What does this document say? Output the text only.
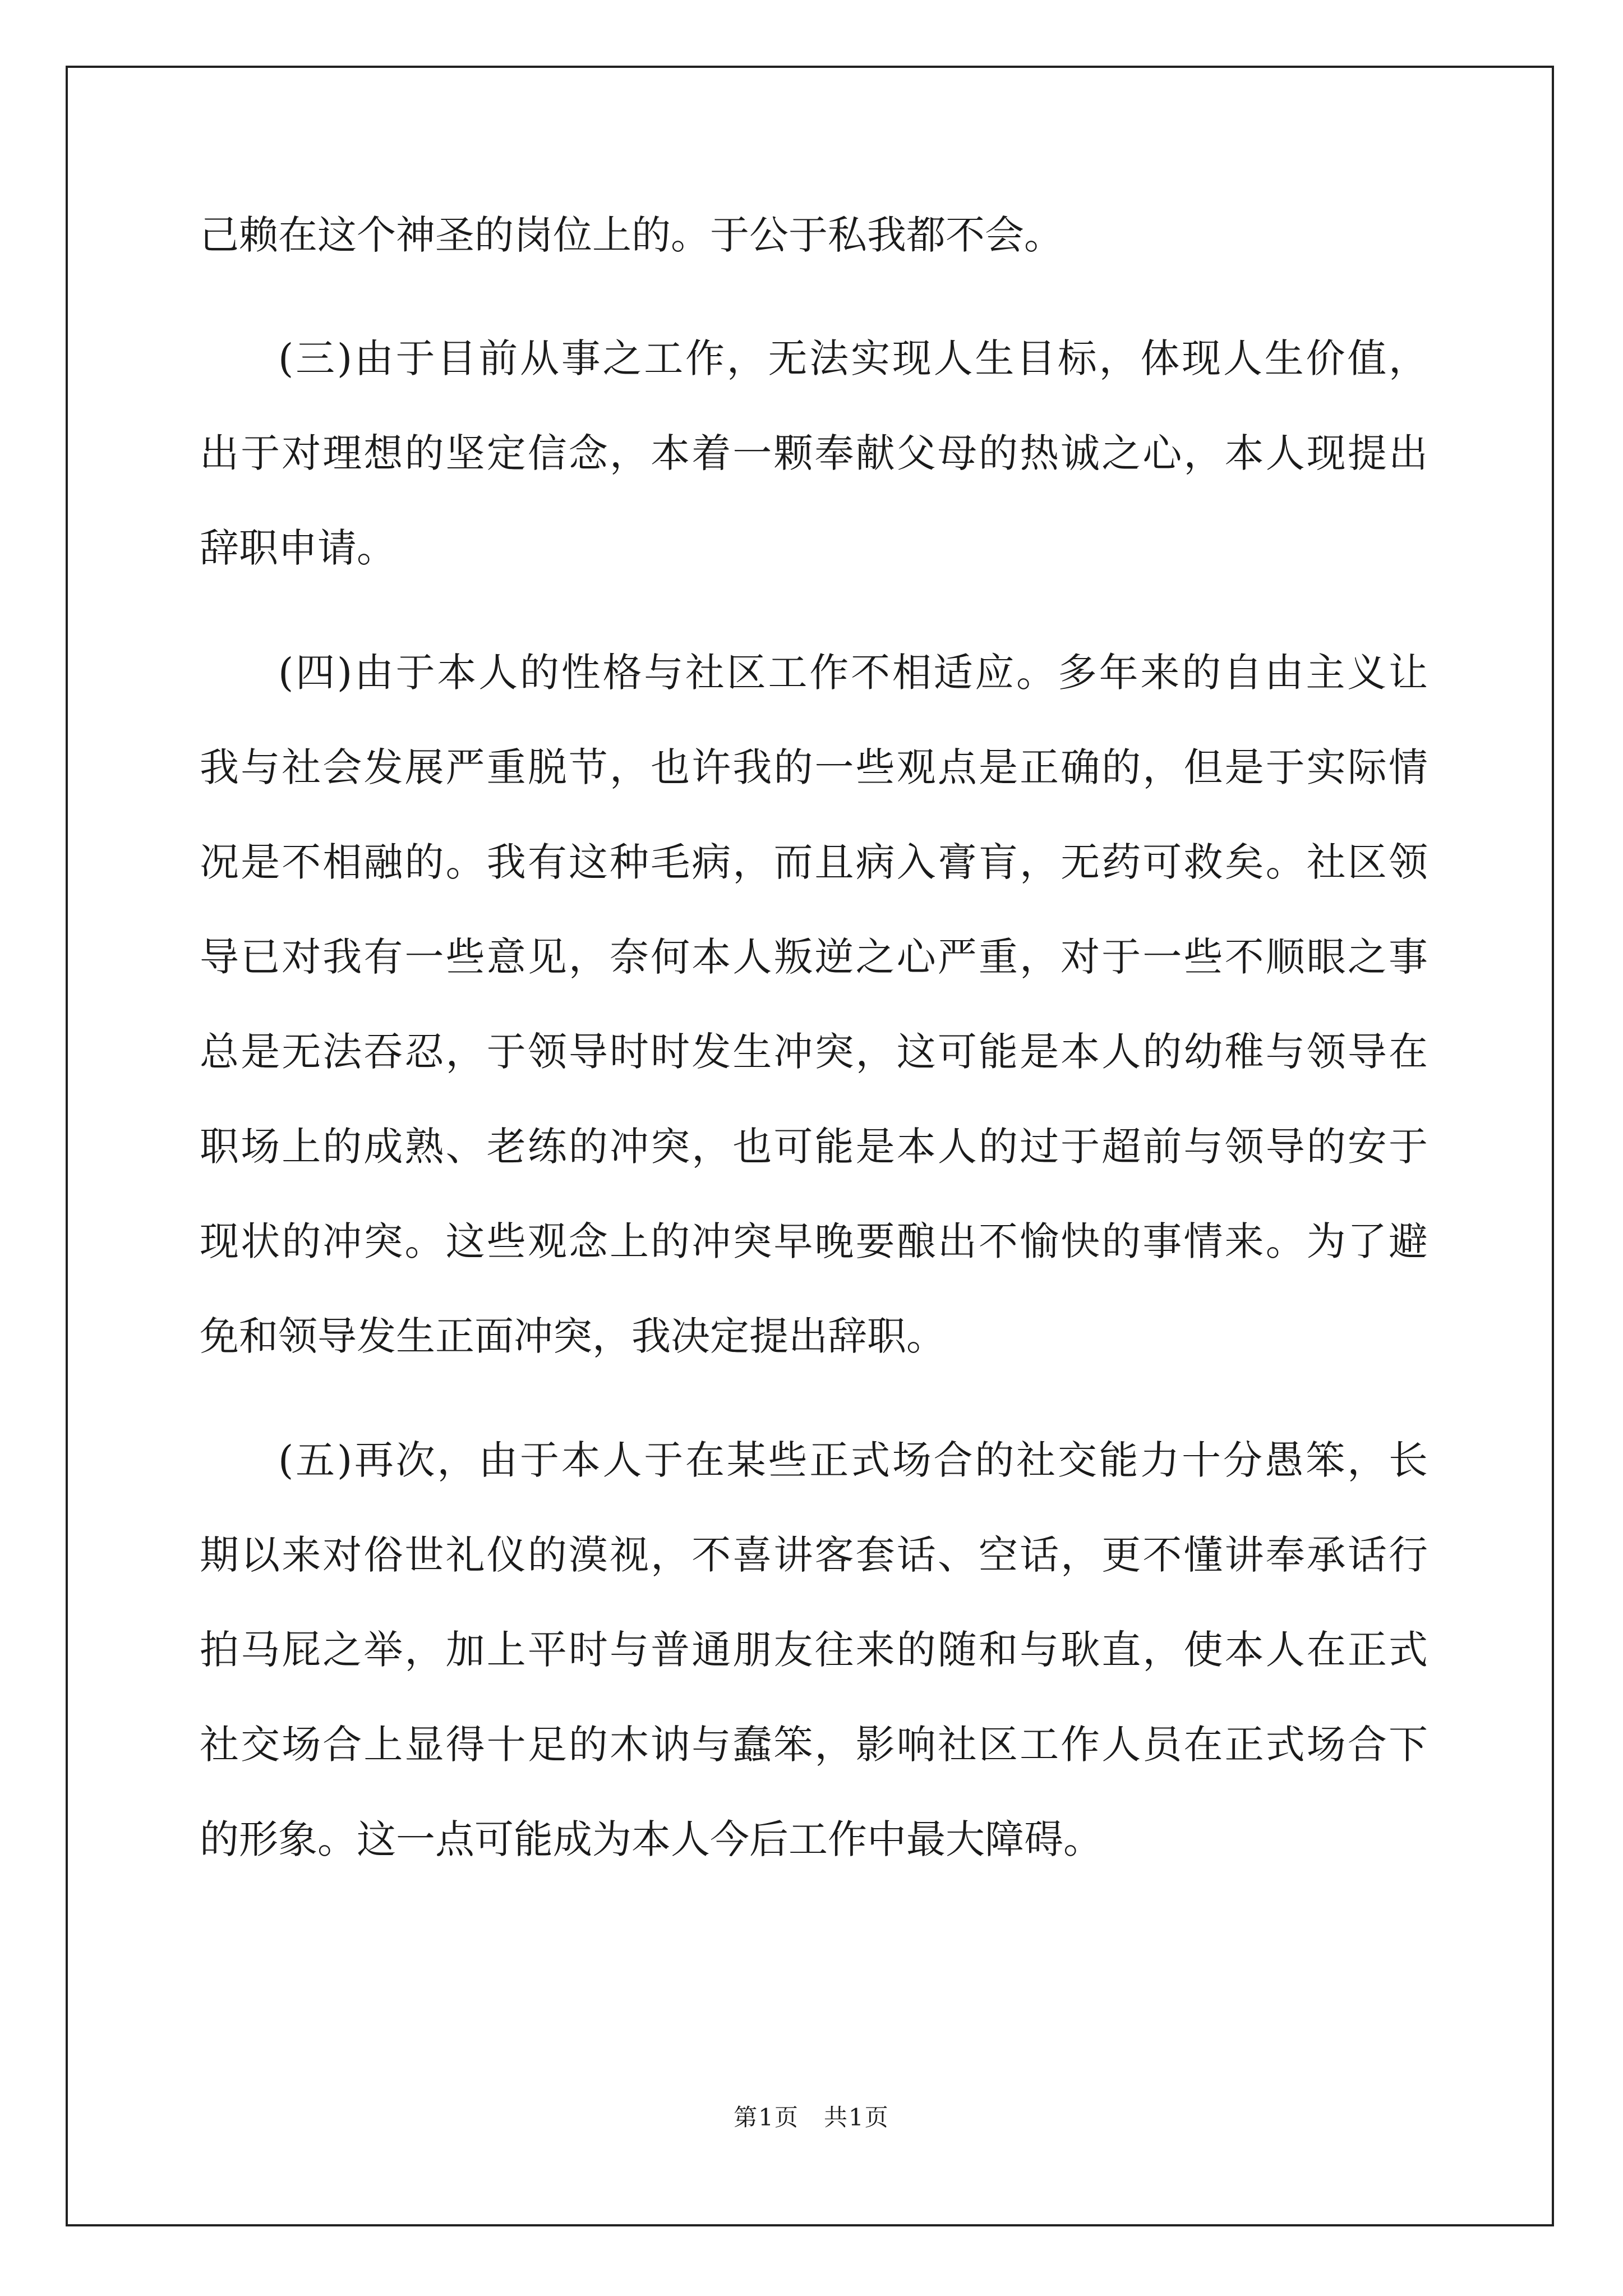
己赖在这个神圣的岗位上的。于公于私我都不会。
(三)由于目前从事之工作，无法实现人生目标，体现人生价值，
出于对理想的坚定信念，本着一颗奉献父母的热诚之心，本人现提出
辞职申请。
(四)由于本人的性格与社区工作不相适应。多年来的自由主义让
我与社会发展严重脱节，也许我的一些观点是正确的，但是于实际情
况是不相融的。我有这种毛病，而且病入膏肓，无药可救矣。社区领
导已对我有一些意见，奈何本人叛逆之心严重，对于一些不顺眼之事
总是无法吞忍，于领导时时发生冲突，这可能是本人的幼稚与领导在
职场上的成熟、老练的冲突，也可能是本人的过于超前与领导的安于
现状的冲突。这些观念上的冲突早晚要酿出不愉快的事情来。为了避
免和领导发生正面冲突，我决定提出辞职。
(五)再次，由于本人于在某些正式场合的社交能力十分愚笨，长
期以来对俗世礼仪的漠视，不喜讲客套话、空话，更不懂讲奉承话行
拍马屁之举，加上平时与普通朋友往来的随和与耿直，使本人在正式
社交场合上显得十足的木讷与蠢笨，影响社区工作人员在正式场合下
的形象。这一点可能成为本人今后工作中最大障碍。
第1页　共1页
